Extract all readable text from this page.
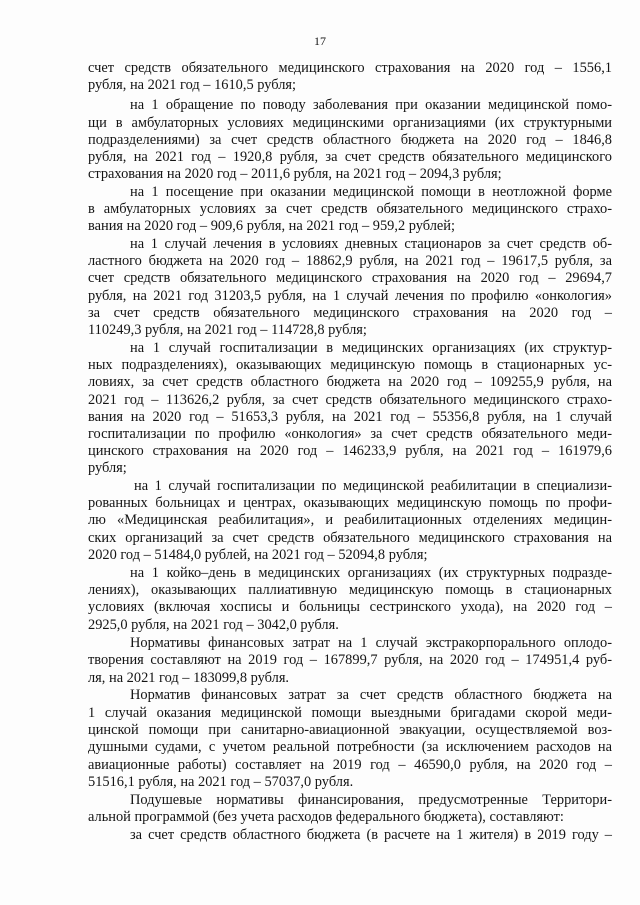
17
счет средств обязательного медицинского страхования на 2020 год – 1556,1
рубля, на 2021 год – 1610,5 рубля;
на 1 обращение по поводу заболевания при оказании медицинской помо-
щи в амбулаторных условиях медицинскими организациями (их структурными
подразделениями) за счет средств областного бюджета на 2020 год – 1846,8
рубля, на 2021 год – 1920,8 рубля, за счет средств обязательного медицинского
страхования на 2020 год – 2011,6 рубля, на 2021 год – 2094,3 рубля;
на 1 посещение при оказании медицинской помощи в неотложной форме
в амбулаторных условиях за счет средств обязательного медицинского страхо-
вания на 2020 год – 909,6 рубля, на 2021 год – 959,2 рублей;
на 1 случай лечения в условиях дневных стационаров за счет средств об-
ластного бюджета на 2020 год – 18862,9 рубля, на 2021 год – 19617,5 рубля, за
счет средств обязательного медицинского страхования на 2020 год – 29694,7
рубля, на 2021 год 31203,5 рубля, на 1 случай лечения по профилю «онкология»
за счет средств обязательного медицинского страхования на 2020 год –
110249,3 рубля, на 2021 год – 114728,8 рубля;
на 1 случай госпитализации в медицинских организациях (их структур-
ных подразделениях), оказывающих медицинскую помощь в стационарных ус-
ловиях, за счет средств областного бюджета на 2020 год – 109255,9 рубля, на
2021 год – 113626,2 рубля, за счет средств обязательного медицинского страхо-
вания на 2020 год – 51653,3 рубля, на 2021 год – 55356,8 рубля, на 1 случай
госпитализации по профилю «онкология» за счет средств обязательного меди-
цинского страхования на 2020 год – 146233,9 рубля, на 2021 год – 161979,6
рубля;
на 1 случай госпитализации по медицинской реабилитации в специализи-
рованных больницах и центрах, оказывающих медицинскую помощь по профи-
лю «Медицинская реабилитация», и реабилитационных отделениях медицин-
ских организаций за счет средств обязательного медицинского страхования на
2020 год – 51484,0 рублей, на 2021 год – 52094,8 рубля;
на 1 койко–день в медицинских организациях (их структурных подразде-
лениях), оказывающих паллиативную медицинскую помощь в стационарных
условиях (включая хосписы и больницы сестринского ухода), на 2020 год –
2925,0 рубля, на 2021 год – 3042,0 рубля.
Нормативы финансовых затрат на 1 случай экстракорпорального оплодо-
творения составляют на 2019 год – 167899,7 рубля, на 2020 год – 174951,4 руб-
ля, на 2021 год – 183099,8 рубля.
Норматив финансовых затрат за счет средств областного бюджета на
1 случай оказания медицинской помощи выездными бригадами скорой меди-
цинской помощи при санитарно-авиационной эвакуации, осуществляемой воз-
душными судами, с учетом реальной потребности (за исключением расходов на
авиационные работы) составляет на 2019 год – 46590,0 рубля, на 2020 год –
51516,1 рубля, на 2021 год – 57037,0 рубля.
Подушевые нормативы финансирования, предусмотренные Территори-
альной программой (без учета расходов федерального бюджета), составляют:
за счет средств областного бюджета (в расчете на 1 жителя) в 2019 году –
